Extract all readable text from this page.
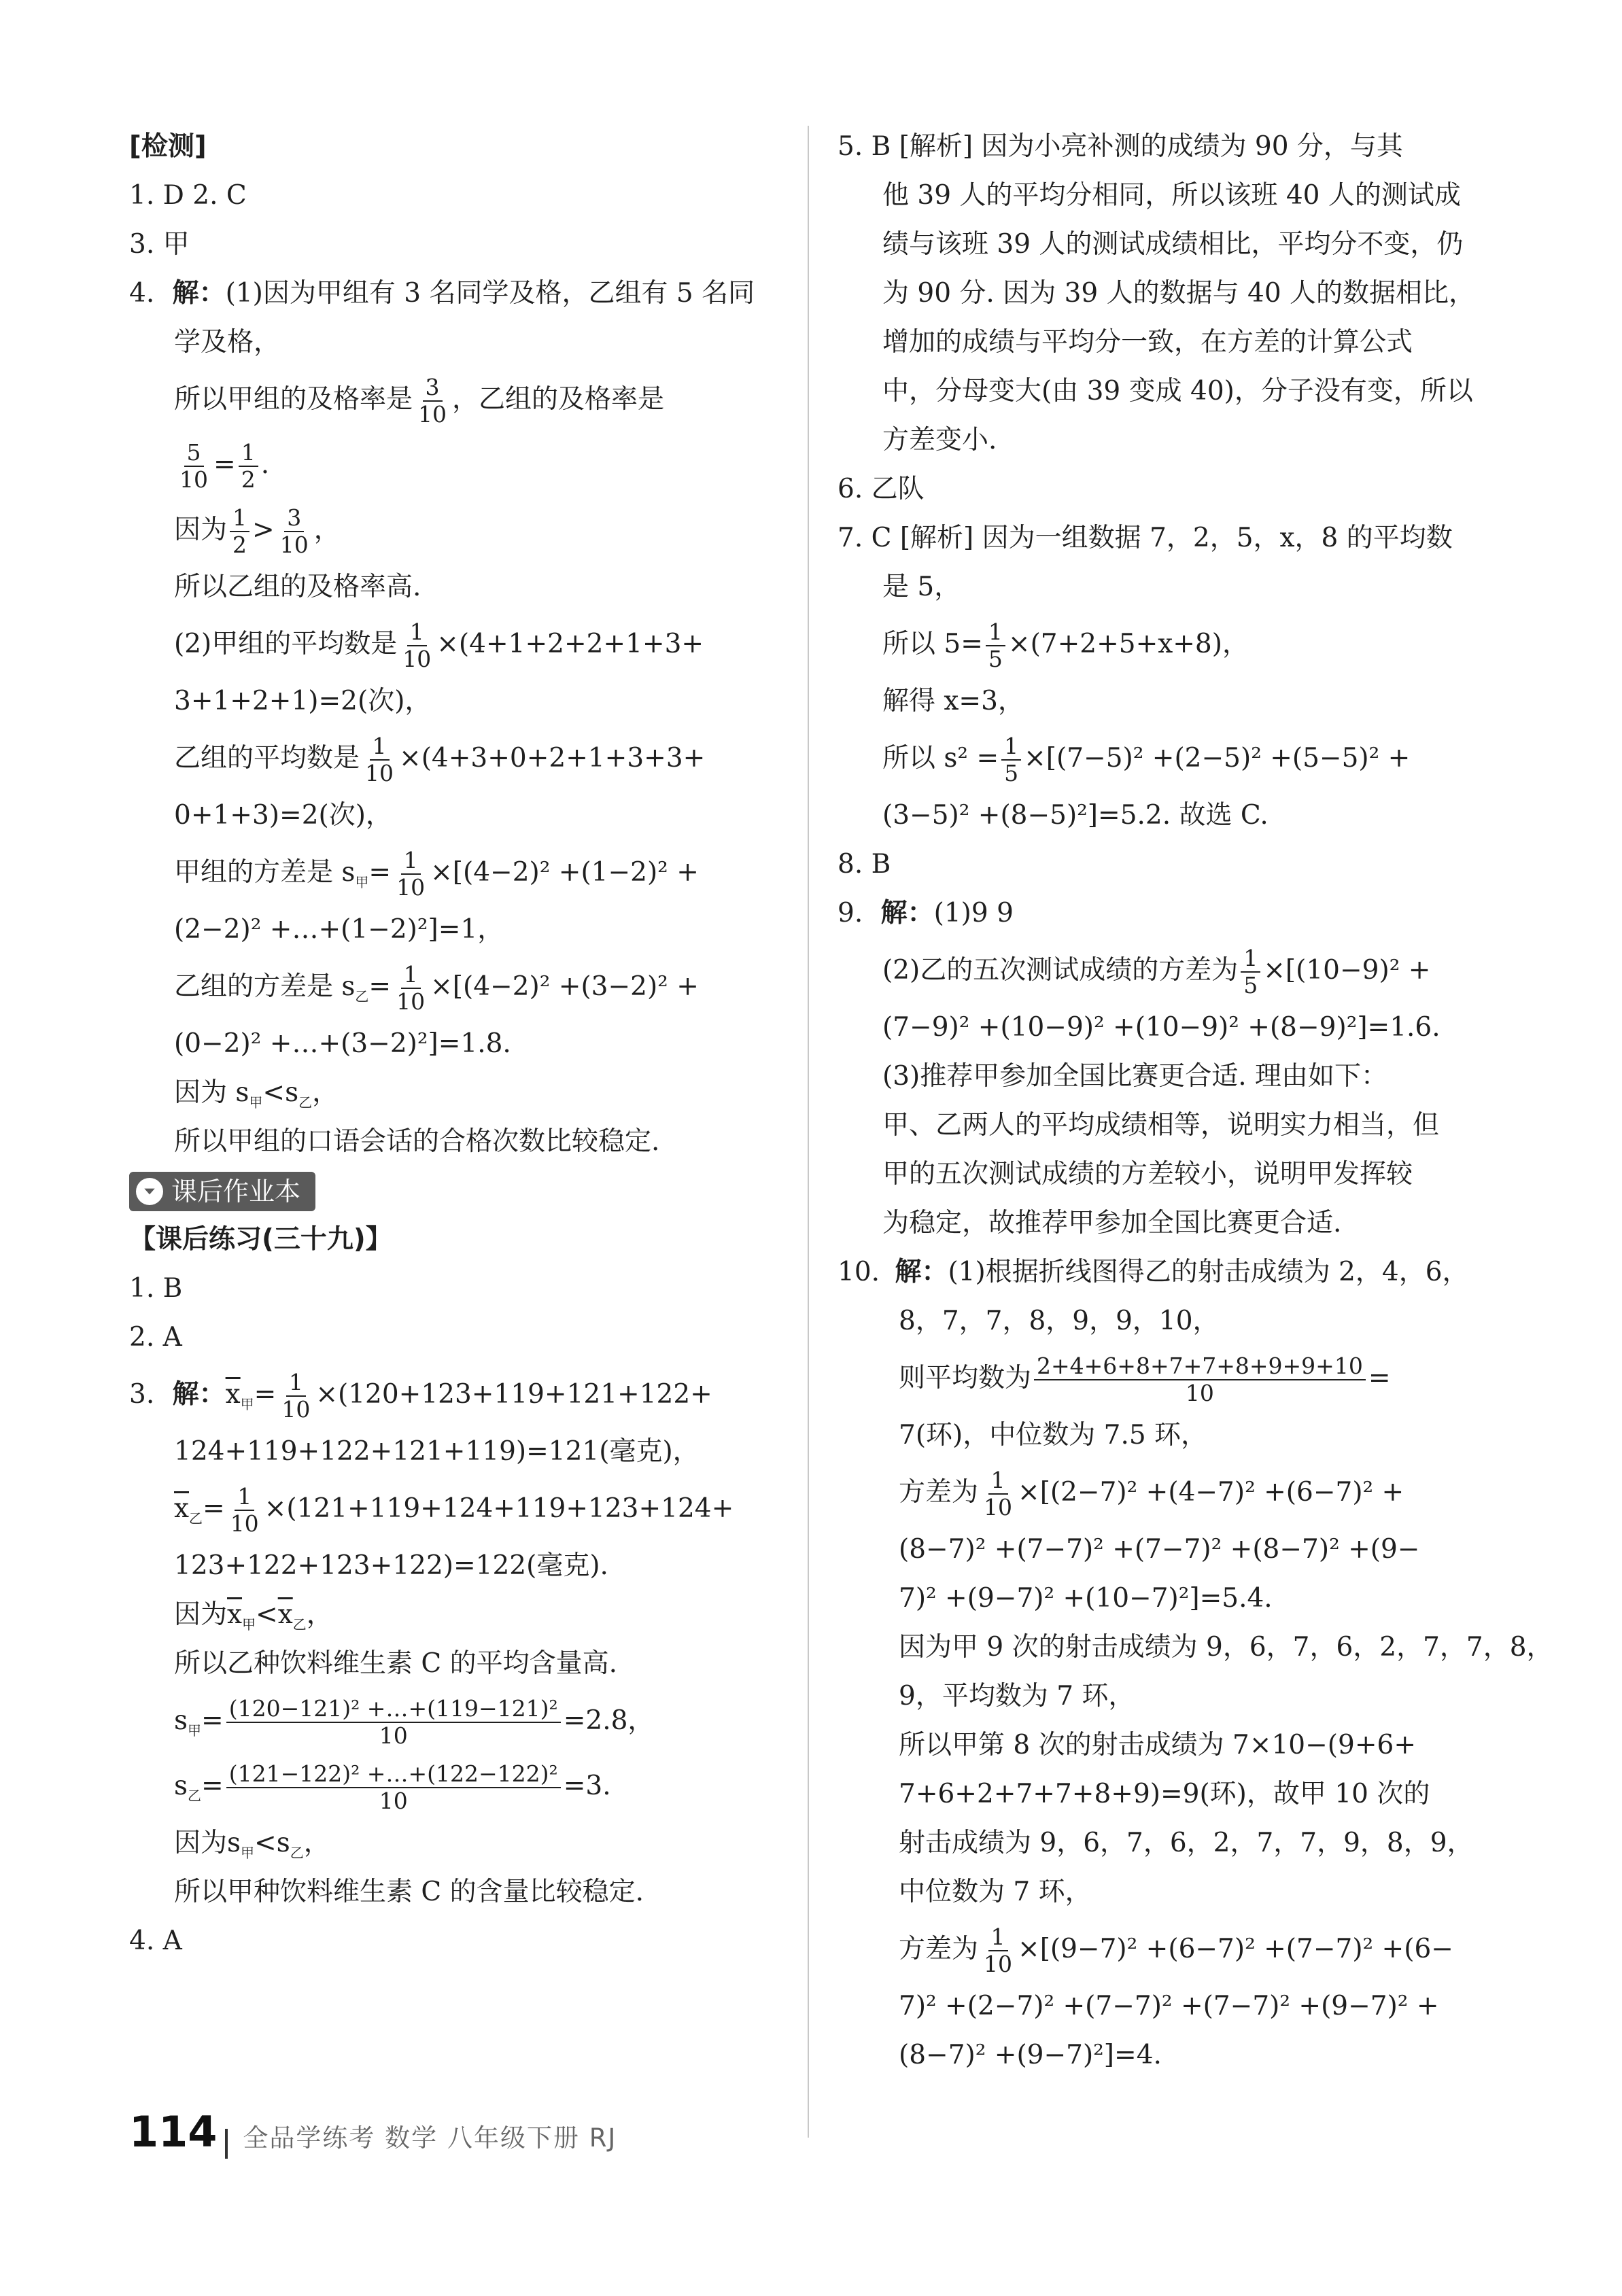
[检测]
1. D 2. C
3. 甲
4. 解：(1)因为甲组有 3 名同学及格，乙组有 5 名同
学及格，
所以甲组的及格率是 $\frac{3}{10}$ ，乙组的及格率是
$\frac{5}{10} = \frac{1}{2}$ .
因为 $\frac{1}{2} > \frac{3}{10}$ ，
所以乙组的及格率高.
(2)甲组的平均数是 $\frac{1}{10} \times(4+1+2+2+1+3+$
3+1+2+1)=2(次)，
乙组的平均数是 $\frac{1}{10} \times(4+3+0+2+1+3+3+$
0+1+3)=2(次)，
甲组的方差是 $s_甲= \frac{1}{10} \times[(4-2)^2 +(1-2)^2$ +
(2−2)² +…+(1−2)²]=1，
乙组的方差是 $s_乙= \frac{1}{10} \times[(4-2)^2 +(3-2)^2$ +
(0−2)² +…+(3−2)²]=1.8.
因为 $s_甲<s_乙$，
所以甲组的口语会话的合格次数比较稳定.
课后作业本
【课后练习(三十九)】
1. B
2. A
3. 解：$\overline{x}_甲= \frac{1}{10} \times(120+123+119+121+122+$
124+119+122+121+119)=121(毫克)，
$\overline{x}_乙= \frac{1}{10} \times(121+119+124+119+123+124+$
123+122+123+122)=122(毫克).
因为$\overline{x}_甲<\overline{x}_乙$，
所以乙种饮料维生素 C 的平均含量高.
$s_甲= \frac{\text{(120−121)² +…+(119−121)²}}{10} =2.8$，
$s_乙= \frac{\text{(121−122)² +…+(122−122)²}}{10} =3$.
因为$s_甲<s_乙$，
所以甲种饮料维生素 C 的含量比较稳定.
4. A
5. B [解析] 因为小亮补测的成绩为 90 分，与其
他 39 人的平均分相同，所以该班 40 人的测试成
绩与该班 39 人的测试成绩相比，平均分不变，仍
为 90 分. 因为 39 人的数据与 40 人的数据相比，
增加的成绩与平均分一致，在方差的计算公式
中，分母变大(由 39 变成 40)，分子没有变，所以
方差变小.
6. 乙队
7. C [解析] 因为一组数据 7，2，5，x，8 的平均数
是 5，
所以 $5= \frac{1}{5} \times(7+2+5+x+8)$，
解得 x=3，
所以 $s^2 = \frac{1}{5} \times[(7-5)^2 +(2-5)^2 +(5-5)^2$ +
(3−5)² +(8−5)²]=5.2. 故选 C.
8. B
9. 解：(1)9 9
(2)乙的五次测试成绩的方差为 $\frac{1}{5} \times[(10-9)^2$ +
(7−9)² +(10−9)² +(10−9)² +(8−9)²]=1.6.
(3)推荐甲参加全国比赛更合适. 理由如下：
甲、乙两人的平均成绩相等，说明实力相当，但
甲的五次测试成绩的方差较小，说明甲发挥较
为稳定，故推荐甲参加全国比赛更合适.
10. 解：(1)根据折线图得乙的射击成绩为 2，4，6，
8，7，7，8，9，9，10，
则平均数为 $\frac{2+4+6+8+7+7+8+9+9+10}{10}$ =
7(环)，中位数为 7.5 环，
方差为 $\frac{1}{10} \times[(2-7)^2 +(4-7)^2 +(6-7)^2$ +
(8−7)² +(7−7)² +(7−7)² +(8−7)² +(9−
7)² +(9−7)² +(10−7)²]=5.4.
因为甲 9 次的射击成绩为 9，6，7，6，2，7，7，8，
9，平均数为 7 环，
所以甲第 8 次的射击成绩为 7×10−(9+6+
7+6+2+7+7+8+9)=9(环)，故甲 10 次的
射击成绩为 9，6，7，6，2，7，7，9，8，9，
中位数为 7 环，
方差为 $\frac{1}{10} \times[(9-7)^2 +(6-7)^2 +(7-7)^2 +(6-$
7)² +(2−7)² +(7−7)² +(7−7)² +(9−7)² +
(8−7)² +(9−7)²]=4.
114 全品学练考 数学 八年级下册 RJ
